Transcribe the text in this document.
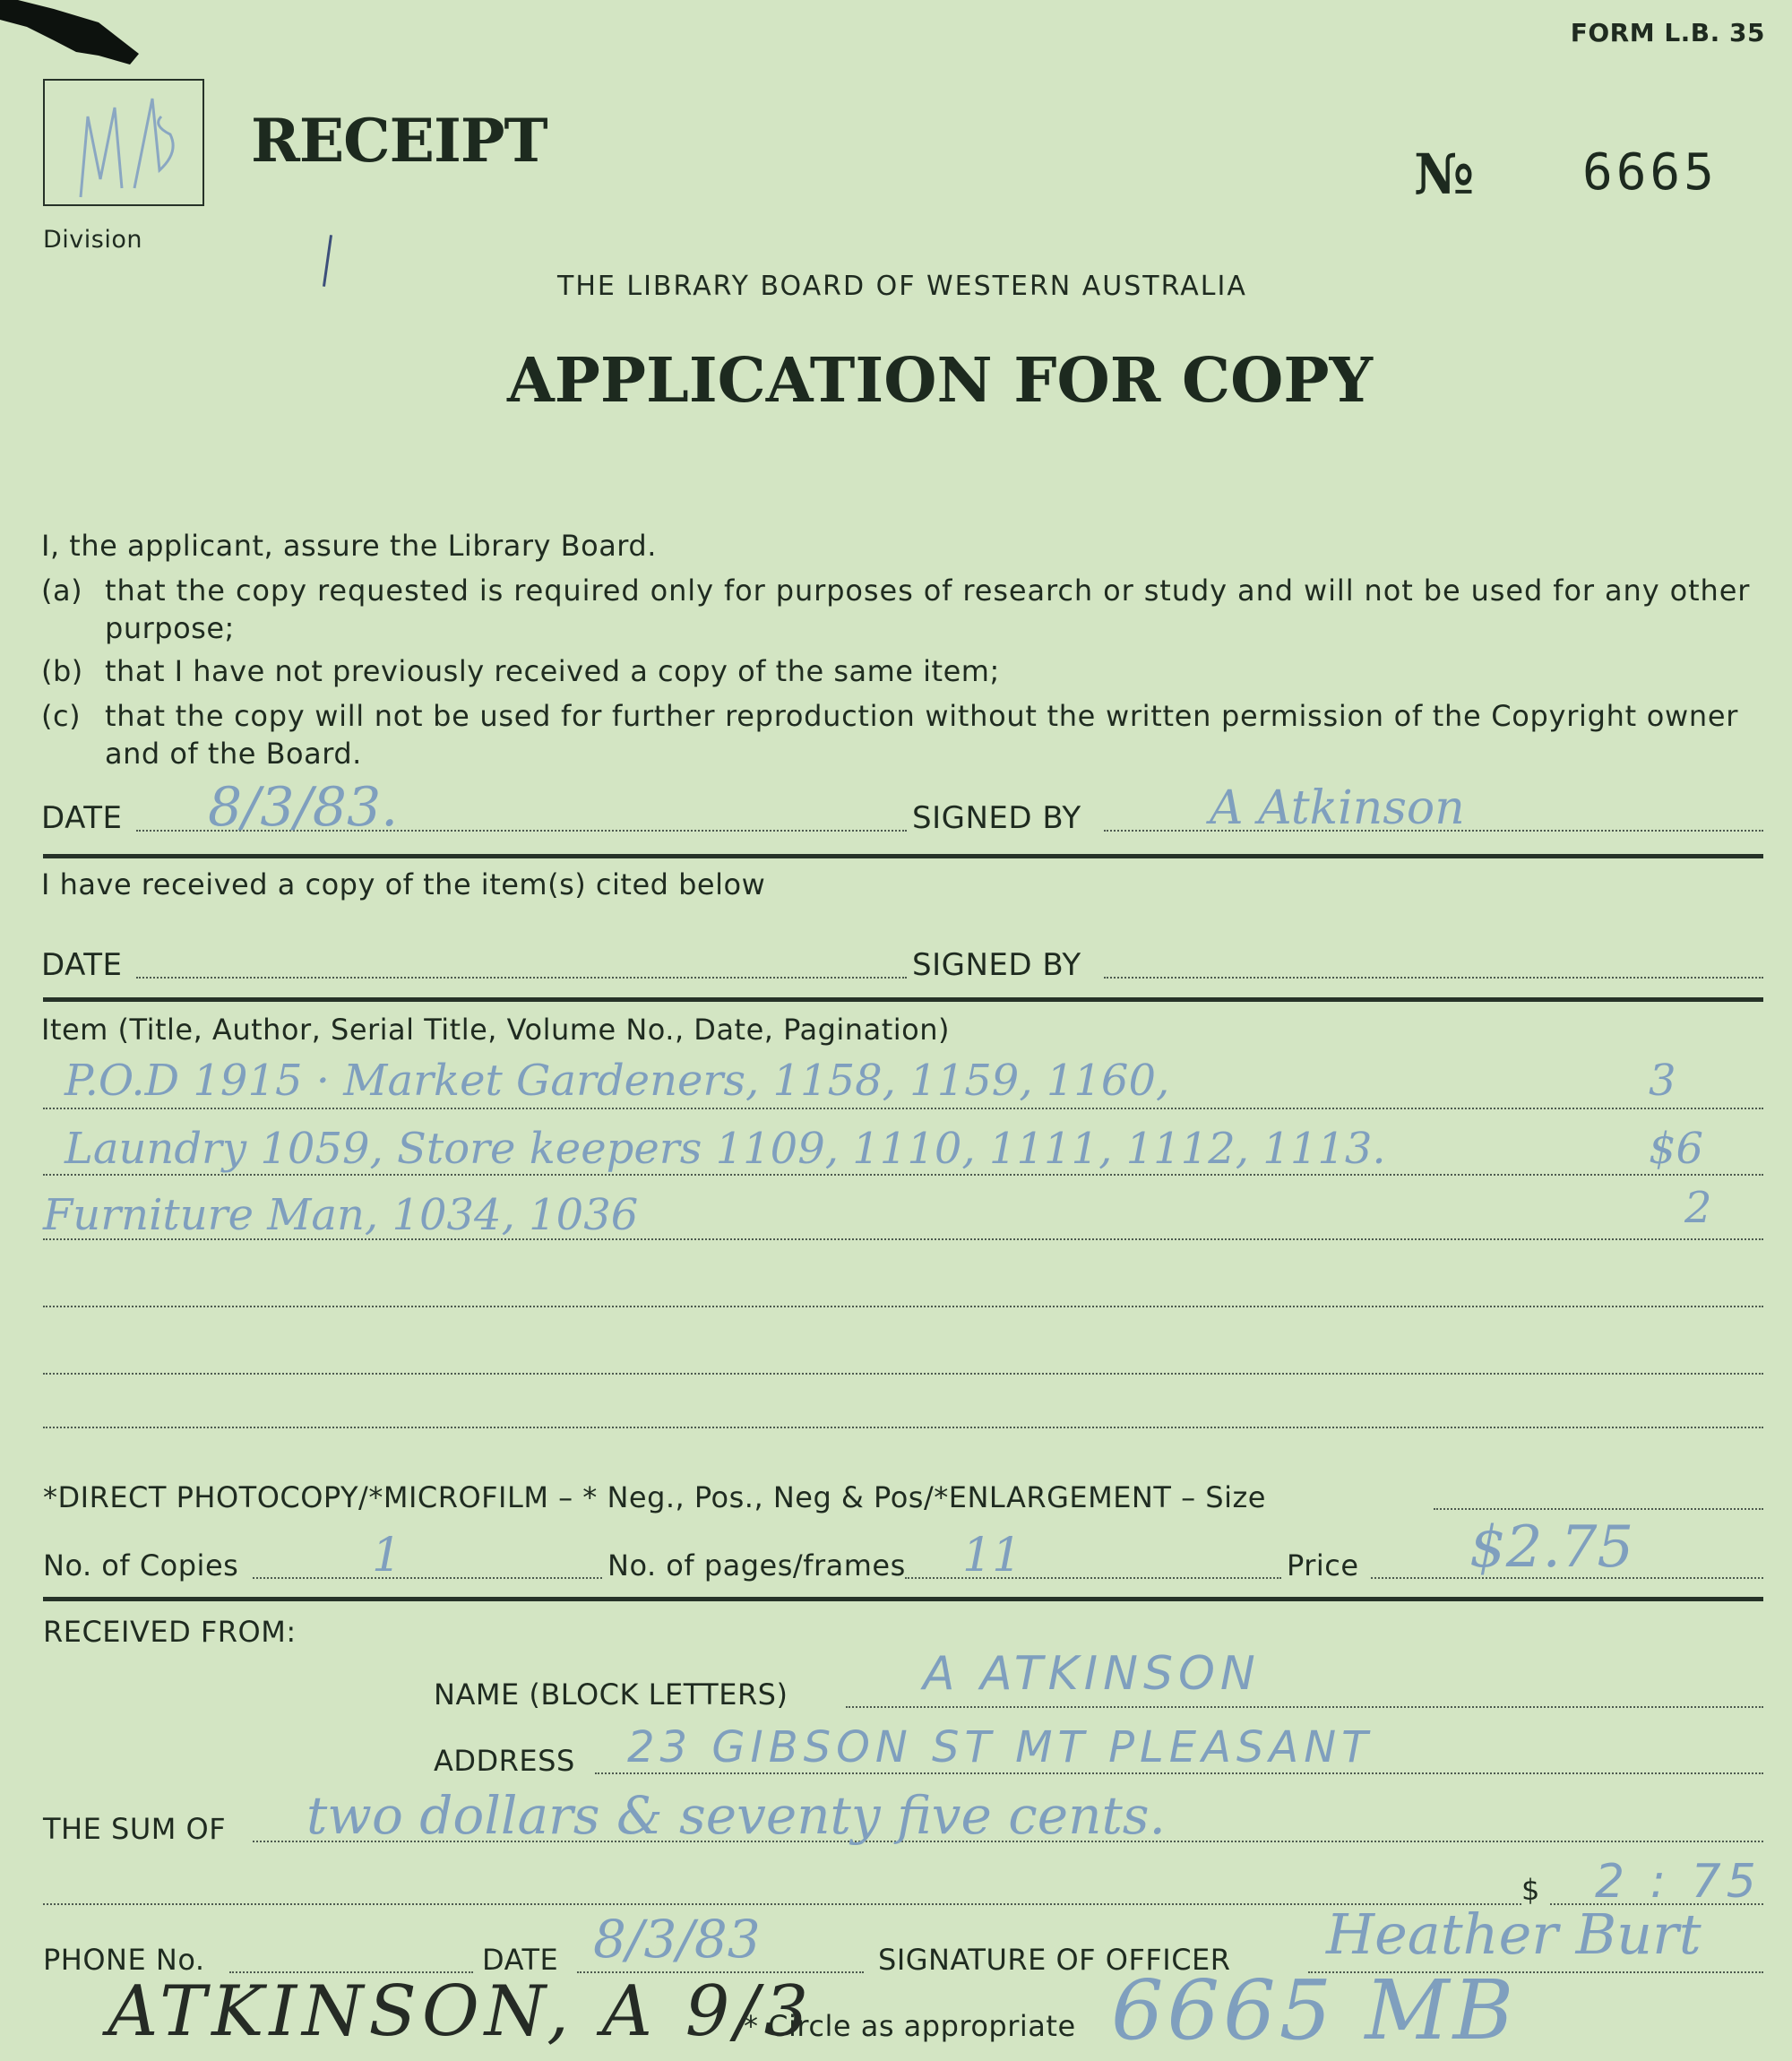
FORM L.B. 35
Division
RECEIPT	№ 6665
THE LIBRARY BOARD OF WESTERN AUSTRALIA
APPLICATION FOR COPY
I, the applicant, assure the Library Board.
(a) that the copy requested is required only for purposes of research or study and will not be used for any other
purpose;
(b) that I have not previously received a copy of the same item;
(c) that the copy will not be used for further reproduction without the written permission of the Copyright owner
and of the Board.
DATE 8/3/83.	SIGNED BY	A Atkinson
I have received a copy of the item(s) cited below
DATE	SIGNED BY
Item (Title, Author, Serial Title, Volume No., Date, Pagination)
P.O.D 1915 · Market Gardeners, 1158, 1159, 1160,	3
Laundry 1059, Store keepers 1109, 1110, 1111, 1112, 1113.	$6
Furniture Man, 1034, 1036	2
*DIRECT PHOTOCOPY/*MICROFILM – * Neg., Pos., Neg & Pos/*ENLARGEMENT – Size
No. of Copies	1	No. of pages/frames 11	Price $2.75
RECEIVED FROM:
NAME (BLOCK LETTERS)	A ATKINSON
ADDRESS 23 GIBSON ST MT PLEASANT
THE SUM OF two dollars & seventy five cents.
$ 2 : 75
PHONE No.	DATE 8/3/83	SIGNATURE OF OFFICER Heather Burt
* Circle as appropriate
ATKINSON, A 9/3	6665 MB
